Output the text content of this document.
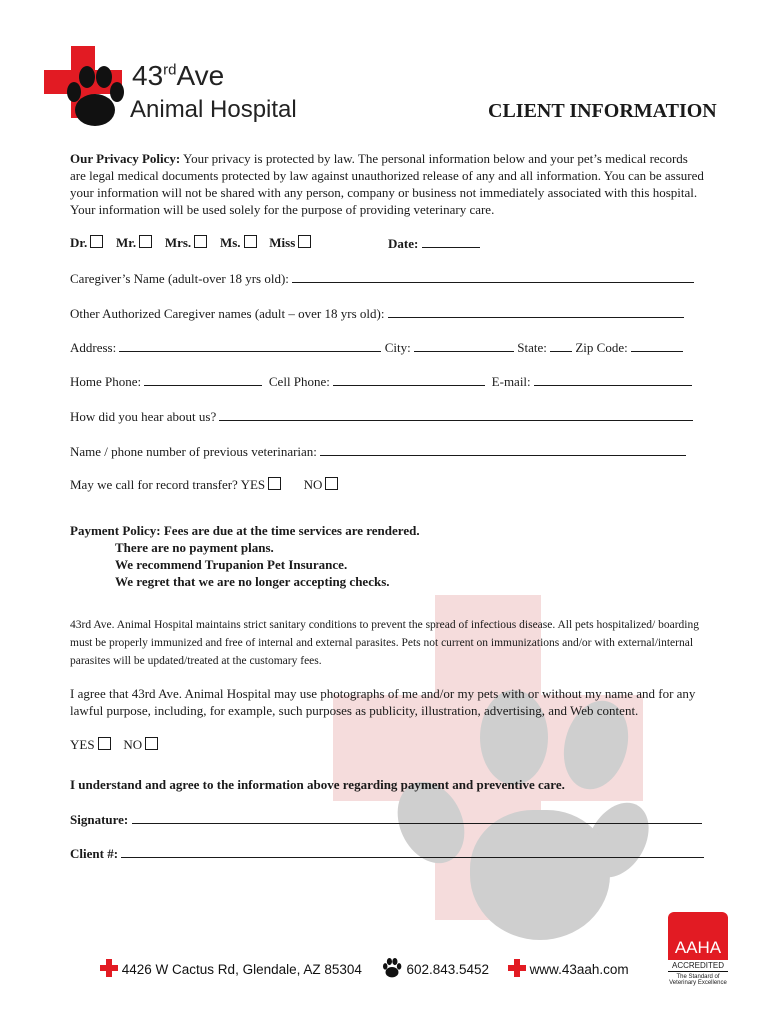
43rdAve
Animal Hospital	CLIENT INFORMATION
Our Privacy Policy: Your privacy is protected by law. The personal information below and your pet’s medical records are legal medical documents protected by law against unauthorized release of any and all information. You can be assured your information will not be shared with any person, company or business not immediately associated with this hospital. Your information will be used solely for the purpose of providing veterinary care.
Dr. Mr. Mrs. Ms. Miss	Date:
Caregiver’s Name (adult-over 18 yrs old):
Other Authorized Caregiver names (adult – over 18 yrs old):
Address:	City:	State: Zip Code:
Home Phone:	Cell Phone:	E-mail:
How did you hear about us?
Name / phone number of previous veterinarian:
May we call for record transfer? YES	NO
Payment Policy: Fees are due at the time services are rendered.
There are no payment plans.
We recommend Trupanion Pet Insurance.
We regret that we are no longer accepting checks.
43rd Ave. Animal Hospital maintains strict sanitary conditions to prevent the spread of infectious disease. All pets hospitalized/ boarding must be properly immunized and free of internal and external parasites. Pets not current on immunizations and/or with external/internal parasites will be updated/treated at the customary fees.
I agree that 43rd Ave. Animal Hospital may use photographs of me and/or my pets with or without my name and for any lawful purpose, including, for example, such purposes as publicity, illustration, advertising, and Web content.
YES NO
I understand and agree to the information above regarding payment and preventive care.
Signature:
Client #:
4426 W Cactus Rd, Glendale, AZ 85304	602.843.5452	www.43aah.com
AAHA
ACCREDITED
The Standard of
Veterinary Excellence
